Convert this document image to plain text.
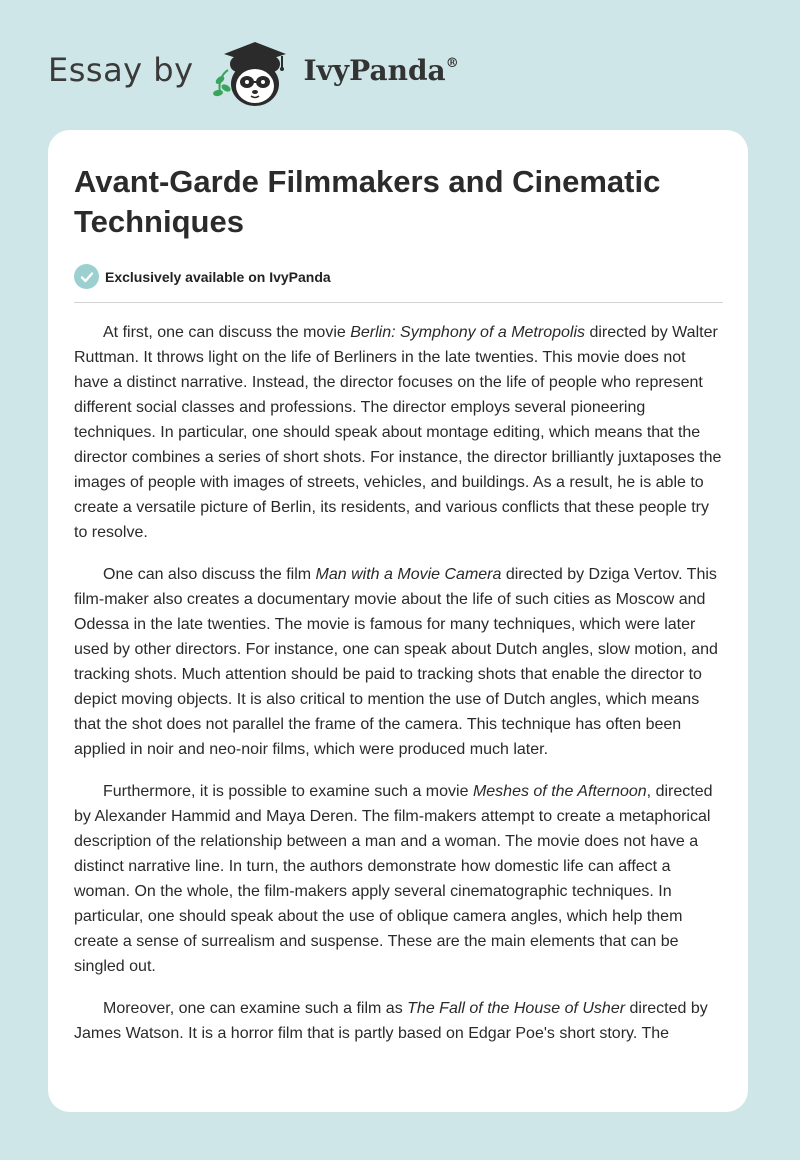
Essay by	IvyPanda®
Avant-Garde Filmmakers and Cinematic Techniques
Exclusively available on IvyPanda

At first, one can discuss the movie Berlin: Symphony of a Metropolis directed by Walter Ruttman. It throws light on the life of Berliners in the late twenties. This movie does not have a distinct narrative. Instead, the director focuses on the life of people who represent different social classes and professions. The director employs several pioneering techniques. In particular, one should speak about montage editing, which means that the director combines a series of short shots. For instance, the director brilliantly juxtaposes the images of people with images of streets, vehicles, and buildings. As a result, he is able to create a versatile picture of Berlin, its residents, and various conflicts that these people try to resolve.

One can also discuss the film Man with a Movie Camera directed by Dziga Vertov. This film-maker also creates a documentary movie about the life of such cities as Moscow and Odessa in the late twenties. The movie is famous for many techniques, which were later used by other directors. For instance, one can speak about Dutch angles, slow motion, and tracking shots. Much attention should be paid to tracking shots that enable the director to depict moving objects. It is also critical to mention the use of Dutch angles, which means that the shot does not parallel the frame of the camera. This technique has often been applied in noir and neo-noir films, which were produced much later.

Furthermore, it is possible to examine such a movie Meshes of the Afternoon, directed by Alexander Hammid and Maya Deren. The film-makers attempt to create a metaphorical description of the relationship between a man and a woman. The movie does not have a distinct narrative line. In turn, the authors demonstrate how domestic life can affect a woman. On the whole, the film-makers apply several cinematographic techniques. In particular, one should speak about the use of oblique camera angles, which help them create a sense of surrealism and suspense. These are the main elements that can be singled out.

Moreover, one can examine such a film as The Fall of the House of Usher directed by James Watson. It is a horror film that is partly based on Edgar Poe's short story. The
